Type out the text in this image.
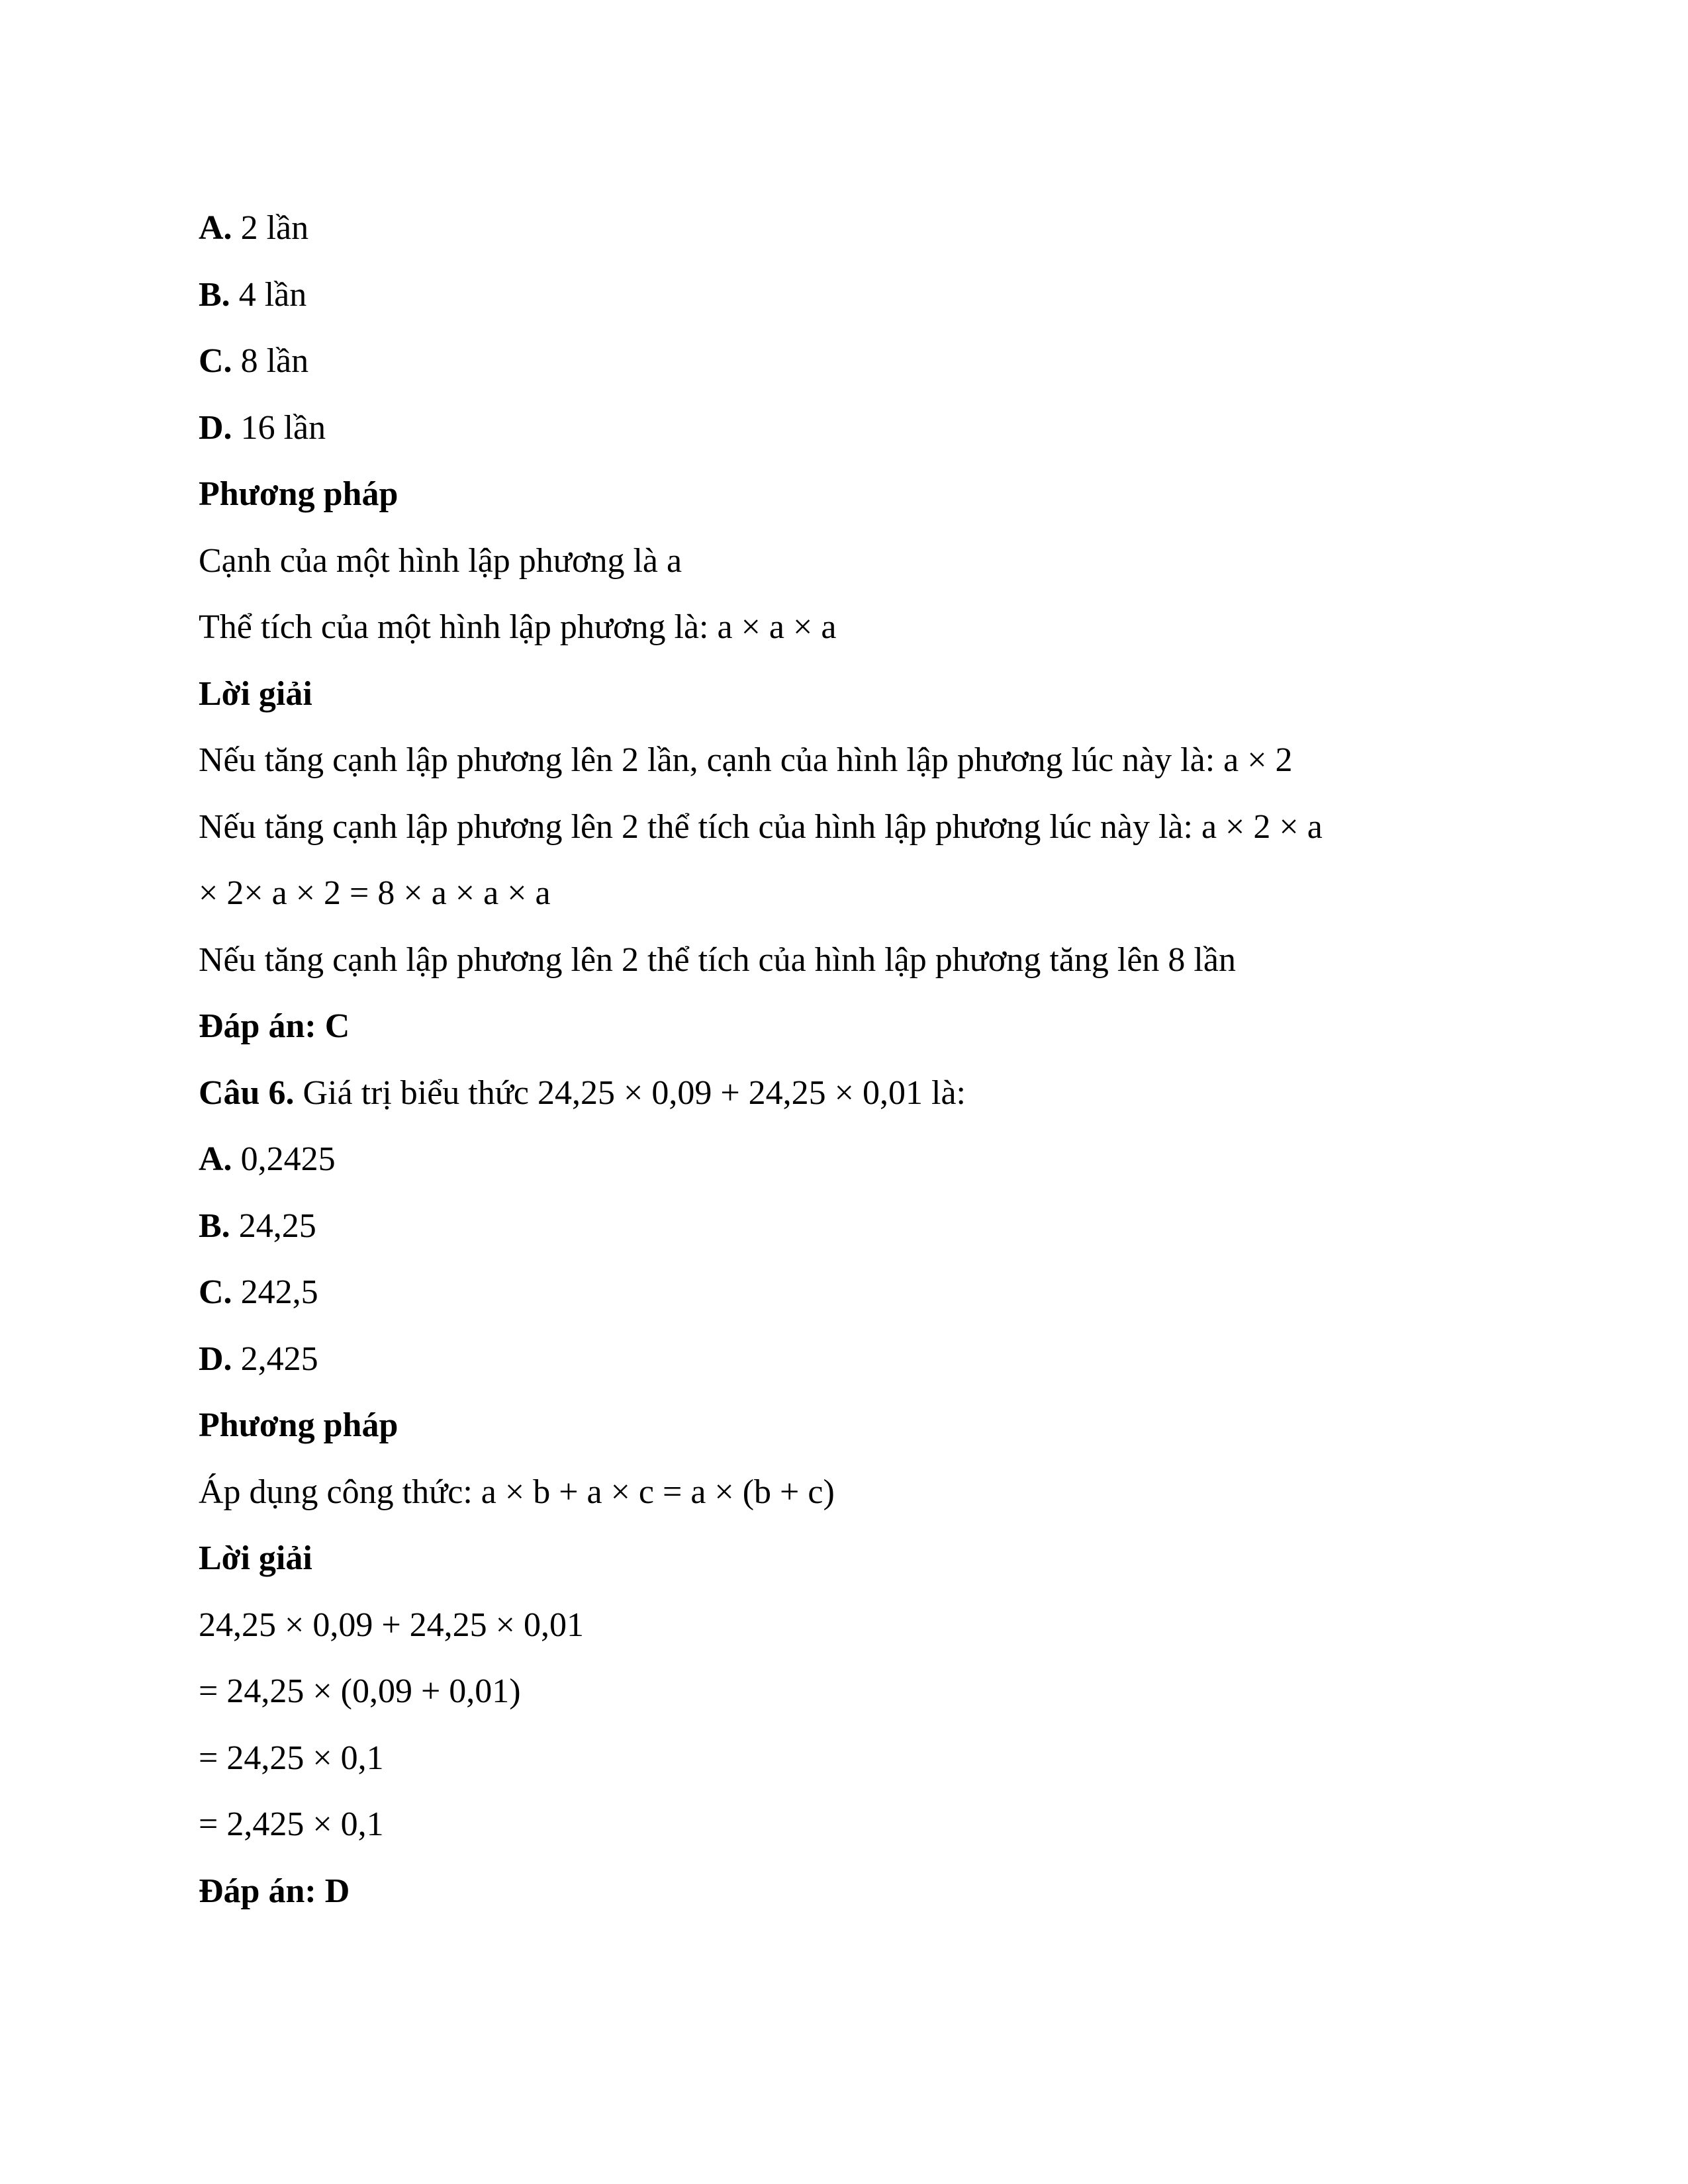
A. 2 lần

B. 4 lần

C. 8 lần

D. 16 lần

Phương pháp

Cạnh của một hình lập phương là a

Thể tích của một hình lập phương là: a × a × a

Lời giải

Nếu tăng cạnh lập phương lên 2 lần, cạnh của hình lập phương lúc này là: a × 2

Nếu tăng cạnh lập phương lên 2 thể tích của hình lập phương lúc này là: a × 2 × a

× 2× a × 2 = 8 × a × a × a

Nếu tăng cạnh lập phương lên 2 thể tích của hình lập phương tăng lên 8 lần

Đáp án: C

Câu 6. Giá trị biểu thức 24,25 × 0,09 + 24,25 × 0,01 là:

A. 0,2425

B. 24,25

C. 242,5

D. 2,425

Phương pháp

Áp dụng công thức: a × b + a × c = a × (b + c)

Lời giải

24,25 × 0,09 + 24,25 × 0,01

= 24,25 × (0,09 + 0,01)

= 24,25 × 0,1

= 2,425 × 0,1

Đáp án: D
